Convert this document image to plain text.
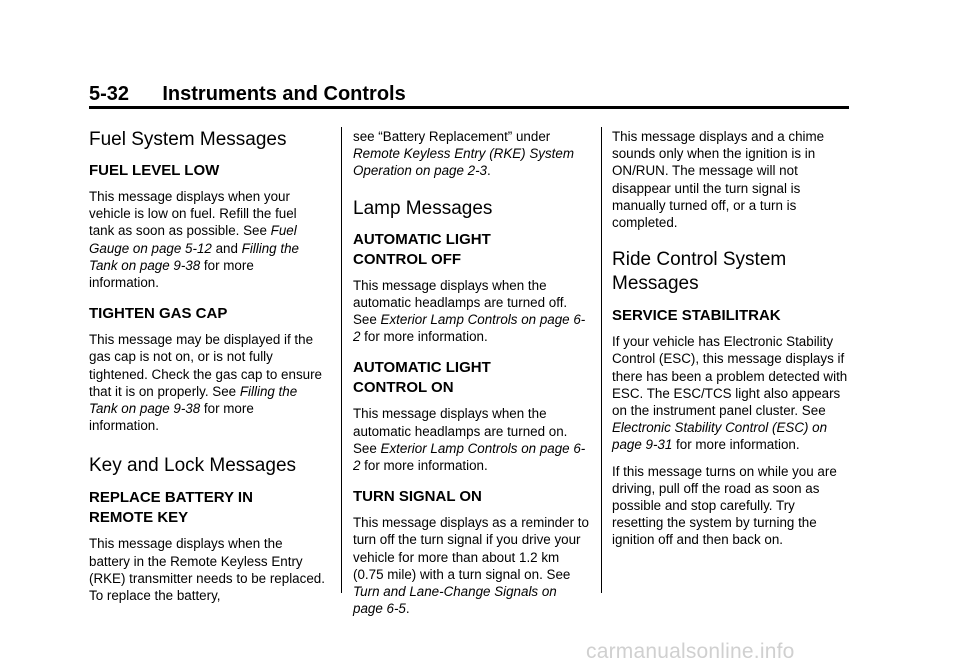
5-32      Instruments and Controls
Fuel System Messages
FUEL LEVEL LOW

This message displays when your vehicle is low on fuel. Refill the fuel tank as soon as possible. See Fuel Gauge on page 5-12 and Filling the Tank on page 9-38 for more information.

TIGHTEN GAS CAP

This message may be displayed if the gas cap is not on, or is not fully tightened. Check the gas cap to ensure that it is on properly. See Filling the Tank on page 9-38 for more information.

Key and Lock Messages
REPLACE BATTERY IN REMOTE KEY

This message displays when the battery in the Remote Keyless Entry (RKE) transmitter needs to be replaced. To replace the battery,

see “Battery Replacement” under Remote Keyless Entry (RKE) System Operation on page 2-3.

Lamp Messages
AUTOMATIC LIGHT CONTROL OFF

This message displays when the automatic headlamps are turned off. See Exterior Lamp Controls on page 6-2 for more information.

AUTOMATIC LIGHT CONTROL ON

This message displays when the automatic headlamps are turned on. See Exterior Lamp Controls on page 6-2 for more information.

TURN SIGNAL ON

This message displays as a reminder to turn off the turn signal if you drive your vehicle for more than about 1.2 km (0.75 mile) with a turn signal on. See Turn and Lane-Change Signals on page 6-5.

This message displays and a chime sounds only when the ignition is in ON/RUN. The message will not disappear until the turn signal is manually turned off, or a turn is completed.

Ride Control System Messages
SERVICE STABILITRAK

If your vehicle has Electronic Stability Control (ESC), this message displays if there has been a problem detected with ESC. The ESC/TCS light also appears on the instrument panel cluster. See Electronic Stability Control (ESC) on page 9-31 for more information.

If this message turns on while you are driving, pull off the road as soon as possible and stop carefully. Try resetting the system by turning the ignition off and then back on.

carmanualsonline.info
